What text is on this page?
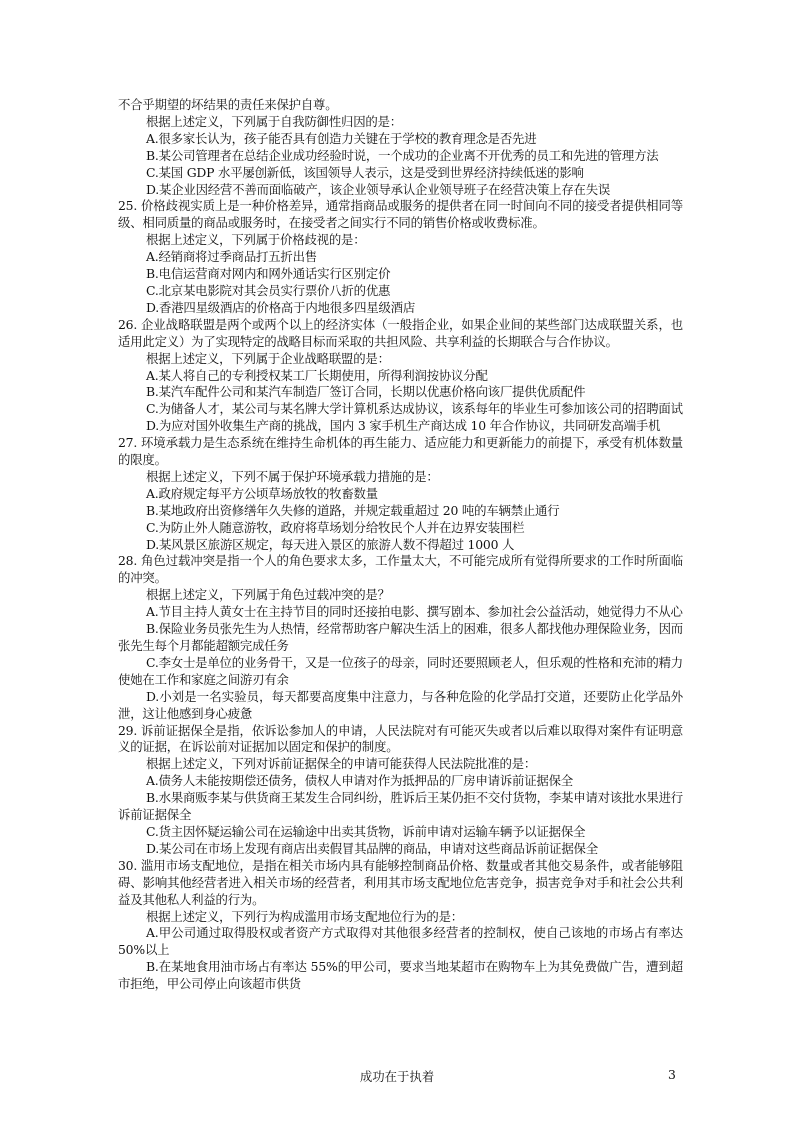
不合乎期望的坏结果的责任来保护自尊。

根据上述定义，下列属于自我防御性归因的是：

A.很多家长认为，孩子能否具有创造力关键在于学校的教育理念是否先进

B.某公司管理者在总结企业成功经验时说，一个成功的企业离不开优秀的员工和先进的管理方法

C.某国 GDP 水平屡创新低，该国领导人表示，这是受到世界经济持续低迷的影响

D.某企业因经营不善而面临破产，该企业领导承认企业领导班子在经营决策上存在失误

25. 价格歧视实质上是一种价格差异，通常指商品或服务的提供者在同一时间向不同的接受者提供相同等级、相同质量的商品或服务时，在接受者之间实行不同的销售价格或收费标准。

根据上述定义，下列属于价格歧视的是：

A.经销商将过季商品打五折出售

B.电信运营商对网内和网外通话实行区别定价

C.北京某电影院对其会员实行票价八折的优惠

D.香港四星级酒店的价格高于内地很多四星级酒店

26. 企业战略联盟是两个或两个以上的经济实体（一般指企业，如果企业间的某些部门达成联盟关系，也适用此定义）为了实现特定的战略目标而采取的共担风险、共享利益的长期联合与合作协议。

根据上述定义，下列属于企业战略联盟的是：

A.某人将自己的专利授权某工厂长期使用，所得利润按协议分配

B.某汽车配件公司和某汽车制造厂签订合同，长期以优惠价格向该厂提供优质配件

C.为储备人才，某公司与某名牌大学计算机系达成协议，该系每年的毕业生可参加该公司的招聘面试

D.为应对国外收集生产商的挑战，国内 3 家手机生产商达成 10 年合作协议，共同研发高端手机

27. 环境承载力是生态系统在维持生命机体的再生能力、适应能力和更新能力的前提下，承受有机体数量的限度。

根据上述定义，下列不属于保护环境承载力措施的是：

A.政府规定每平方公顷草场放牧的牧畜数量

B.某地政府出资修缮年久失修的道路，并规定载重超过 20 吨的车辆禁止通行

C.为防止外人随意游牧，政府将草场划分给牧民个人并在边界安装围栏

D.某风景区旅游区规定，每天进入景区的旅游人数不得超过 1000 人

28. 角色过载冲突是指一个人的角色要求太多，工作量太大，不可能完成所有觉得所要求的工作时所面临的冲突。

根据上述定义，下列属于角色过载冲突的是？

A.节目主持人黄女士在主持节目的同时还接拍电影、撰写剧本、参加社会公益活动，她觉得力不从心

B.保险业务员张先生为人热情，经常帮助客户解决生活上的困难，很多人都找他办理保险业务，因而张先生每个月都能超额完成任务

C.李女士是单位的业务骨干，又是一位孩子的母亲，同时还要照顾老人，但乐观的性格和充沛的精力使她在工作和家庭之间游刃有余

D.小刘是一名实验员，每天都要高度集中注意力，与各种危险的化学品打交道，还要防止化学品外泄，这让他感到身心疲惫

29. 诉前证据保全是指，依诉讼参加人的申请，人民法院对有可能灭失或者以后难以取得对案件有证明意义的证据，在诉讼前对证据加以固定和保护的制度。

根据上述定义，下列对诉前证据保全的申请可能获得人民法院批准的是：

A.债务人未能按期偿还债务，债权人申请对作为抵押品的厂房申请诉前证据保全

B.水果商贩李某与供货商王某发生合同纠纷，胜诉后王某仍拒不交付货物，李某申请对该批水果进行诉前证据保全

C.货主因怀疑运输公司在运输途中出卖其货物，诉前申请对运输车辆予以证据保全

D.某公司在市场上发现有商店出卖假冒其品牌的商品，申请对这些商品诉前证据保全

30. 滥用市场支配地位，是指在相关市场内具有能够控制商品价格、数量或者其他交易条件，或者能够阻碍、影响其他经营者进入相关市场的经营者，利用其市场支配地位危害竞争，损害竞争对手和社会公共利益及其他私人利益的行为。

根据上述定义，下列行为构成滥用市场支配地位行为的是：

A.甲公司通过取得股权或者资产方式取得对其他很多经营者的控制权，使自己该地的市场占有率达 50%以上

B.在某地食用油市场占有率达 55%的甲公司，要求当地某超市在购物车上为其免费做广告，遭到超市拒绝，甲公司停止向该超市供货

成功在于执着	3
